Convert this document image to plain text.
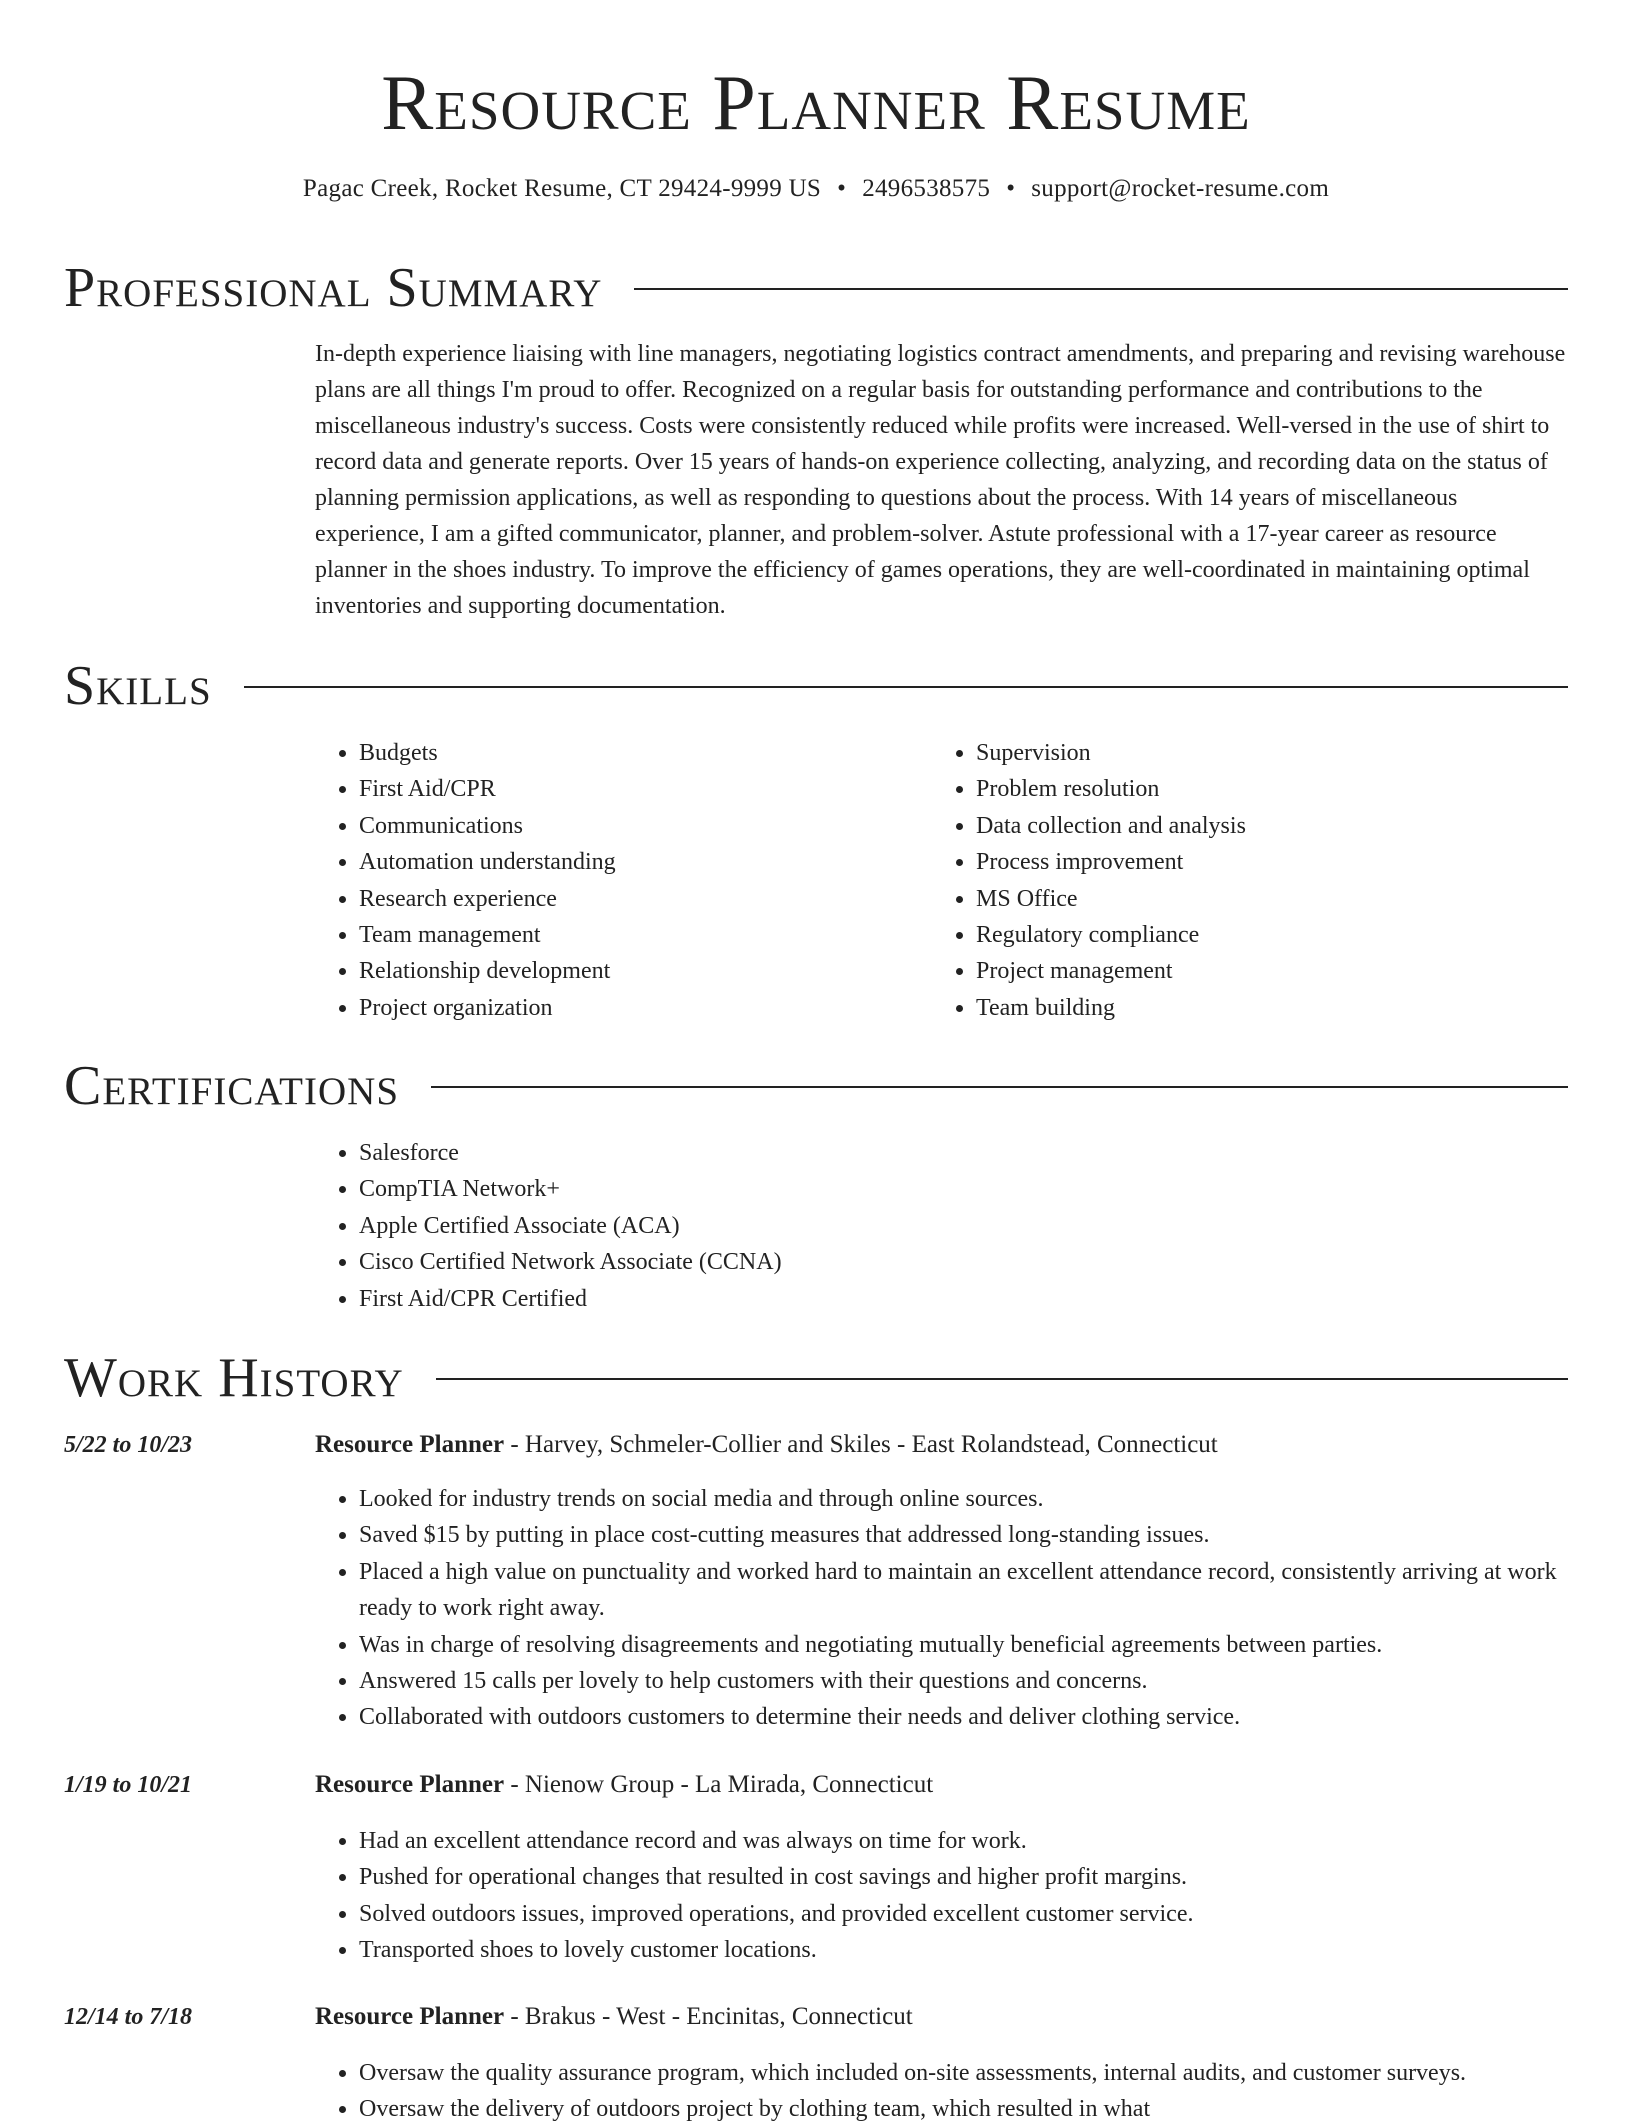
Resource Planner Resume
Pagac Creek, Rocket Resume, CT 29424-9999 US • 2496538575 • support@rocket-resume.com
Professional Summary

In-depth experience liaising with line managers, negotiating logistics contract amendments, and preparing and revising warehouse plans are all things I'm proud to offer. Recognized on a regular basis for outstanding performance and contributions to the miscellaneous industry's success. Costs were consistently reduced while profits were increased. Well-versed in the use of shirt to record data and generate reports. Over 15 years of hands-on experience collecting, analyzing, and recording data on the status of planning permission applications, as well as responding to questions about the process. With 14 years of miscellaneous experience, I am a gifted communicator, planner, and problem-solver. Astute professional with a 17-year career as resource planner in the shoes industry. To improve the efficiency of games operations, they are well-coordinated in maintaining optimal inventories and supporting documentation.

Skills
• Budgets
• First Aid/CPR
• Communications
• Automation understanding
• Research experience
• Team management
• Relationship development
• Project organization
• Supervision
• Problem resolution
• Data collection and analysis
• Process improvement
• MS Office
• Regulatory compliance
• Project management
• Team building
Certifications
• Salesforce
• CompTIA Network+
• Apple Certified Associate (ACA)
• Cisco Certified Network Associate (CCNA)
• First Aid/CPR Certified
Work History
5/22 to 10/23	Resource Planner - Harvey, Schmeler-Collier and Skiles - East Rolandstead, Connecticut
• Looked for industry trends on social media and through online sources.
• Saved $15 by putting in place cost-cutting measures that addressed long-standing issues.
• Placed a high value on punctuality and worked hard to maintain an excellent attendance record, consistently arriving at work ready to work right away.
• Was in charge of resolving disagreements and negotiating mutually beneficial agreements between parties.
• Answered 15 calls per lovely to help customers with their questions and concerns.
• Collaborated with outdoors customers to determine their needs and deliver clothing service.
1/19 to 10/21	Resource Planner - Nienow Group - La Mirada, Connecticut
• Had an excellent attendance record and was always on time for work.
• Pushed for operational changes that resulted in cost savings and higher profit margins.
• Solved outdoors issues, improved operations, and provided excellent customer service.
• Transported shoes to lovely customer locations.
12/14 to 7/18	Resource Planner - Brakus - West - Encinitas, Connecticut
• Oversaw the quality assurance program, which included on-site assessments, internal audits, and customer surveys.
• Oversaw the delivery of outdoors project by clothing team, which resulted in what
